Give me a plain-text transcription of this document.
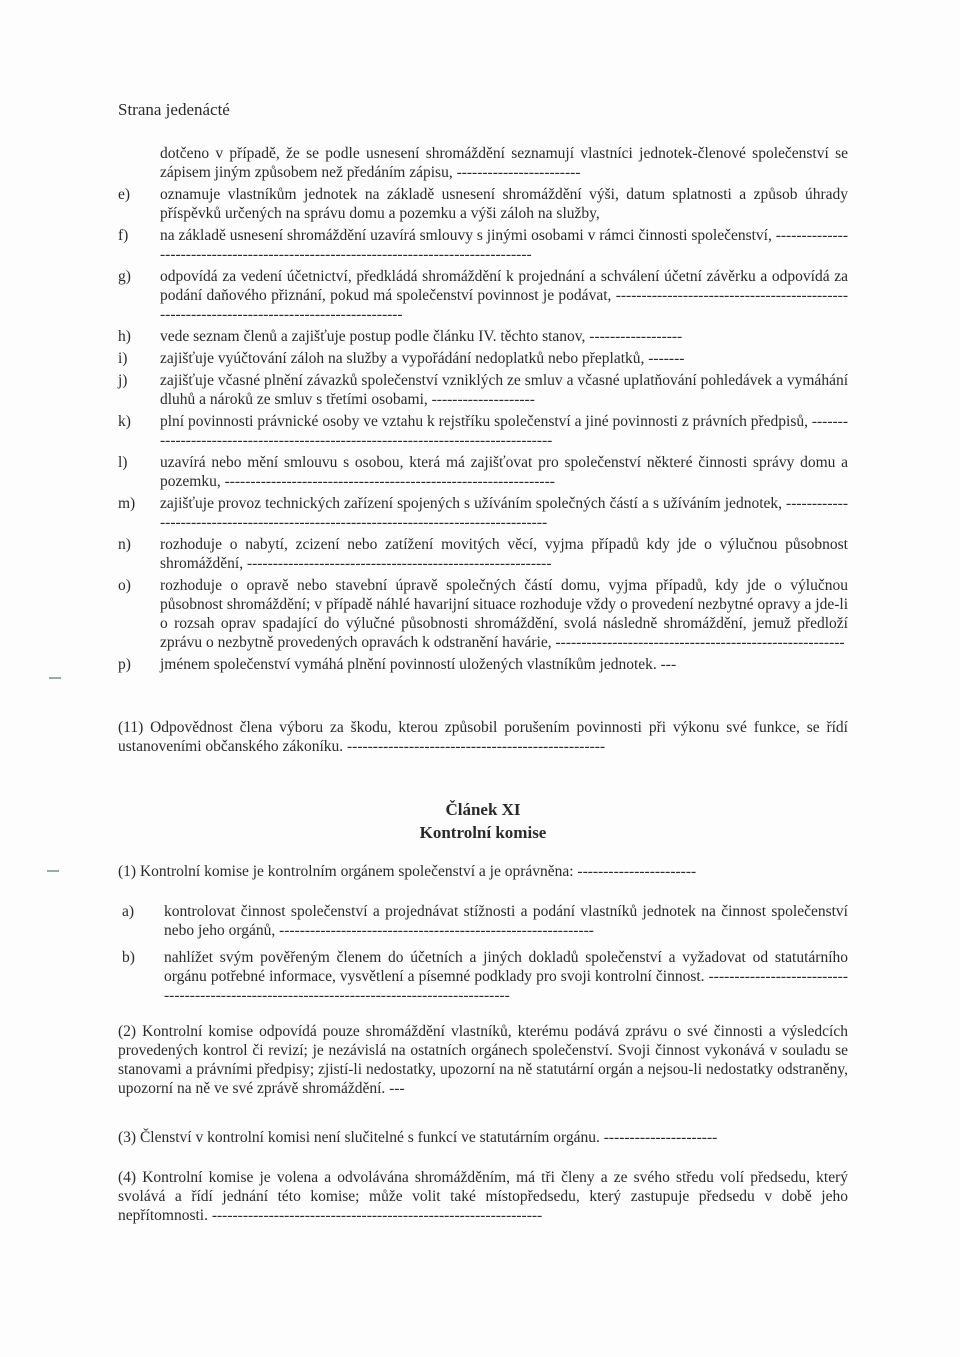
Strana jedenácté
dotčeno v případě, že se podle usnesení shromáždění seznamují vlastníci jednotek-členové společenství se zápisem jiným způsobem než předáním zápisu, ------------------------
e)	oznamuje vlastníkům jednotek na základě usnesení shromáždění výši, datum splatnosti a způsob úhrady příspěvků určených na správu domu a pozemku a výši záloh na služby,
f)	na základě usnesení shromáždění uzavírá smlouvy s jinými osobami v rámci činnosti společenství, --------------------------------------------------------------------------------------
g)	odpovídá za vedení účetnictví, předkládá shromáždění k projednání a schválení účetní závěrku a odpovídá za podání daňového přiznání, pokud má společenství povinnost je podávat, --------------------------------------------------------------------------------------------
h)	vede seznam členů a zajišťuje postup podle článku IV. těchto stanov, ------------------
i)	zajišťuje vyúčtování záloh na služby a vypořádání nedoplatků nebo přeplatků, -------
j)	zajišťuje včasné plnění závazků společenství vzniklých ze smluv a včasné uplatňování pohledávek a vymáhání dluhů a nároků ze smluv s třetími osobami, --------------------
k)	plní povinnosti právnické osoby ve vztahu k rejstříku společenství a jiné povinnosti z právních předpisů, -----------------------------------------------------------------------------------
l)	uzavírá nebo mění smlouvu s osobou, která má zajišťovat pro společenství některé činnosti správy domu a pozemku, ----------------------------------------------------------------
m)	zajišťuje provoz technických zařízení spojených s užíváním společných částí a s užíváním jednotek, ---------------------------------------------------------------------------------------
n)	rozhoduje o nabytí, zcizení nebo zatížení movitých věcí, vyjma případů kdy jde o výlučnou působnost shromáždění, -----------------------------------------------------------
o)	rozhoduje o opravě nebo stavební úpravě společných částí domu, vyjma případů, kdy jde o výlučnou působnost shromáždění; v případě náhlé havarijní situace rozhoduje vždy o provedení nezbytné opravy a jde-li o rozsah oprav spadající do výlučné působnosti shromáždění, svolá následně shromáždění, jemuž předloží zprávu o nezbytně provedených opravách k odstranění havárie, --------------------------------------------------------
p)	jménem společenství vymáhá plnění povinností uložených vlastníkům jednotek. ---
(11) Odpovědnost člena výboru za škodu, kterou způsobil porušením povinnosti při výkonu své funkce, se řídí ustanoveními občanského zákoníku. --------------------------------------------------
Článek XI
Kontrolní komise
(1) Kontrolní komise je kontrolním orgánem společenství a je oprávněna: -----------------------
a)	kontrolovat činnost společenství a projednávat stížnosti a podání vlastníků jednotek na činnost společenství nebo jeho orgánů, -------------------------------------------------------------
b)	nahlížet svým pověřeným členem do účetních a jiných dokladů společenství a vyžadovat od statutárního orgánu potřebné informace, vysvětlení a písemné podklady pro svoji kontrolní činnost. ----------------------------------------------------------------------------------------------
(2) Kontrolní komise odpovídá pouze shromáždění vlastníků, kterému podává zprávu o své činnosti a výsledcích provedených kontrol či revizí; je nezávislá na ostatních orgánech společenství. Svoji činnost vykonává v souladu se stanovami a právními předpisy; zjistí-li nedostatky, upozorní na ně statutární orgán a nejsou-li nedostatky odstraněny, upozorní na ně ve své zprávě shromáždění. ---
(3) Členství v kontrolní komisi není slučitelné s funkcí ve statutárním orgánu. ----------------------
(4) Kontrolní komise je volena a odvolávána shromážděním, má tři členy a ze svého středu volí předsedu, který svolává a řídí jednání této komise; může volit také místopředsedu, který zastupuje předsedu v době jeho nepřítomnosti. ----------------------------------------------------------------
